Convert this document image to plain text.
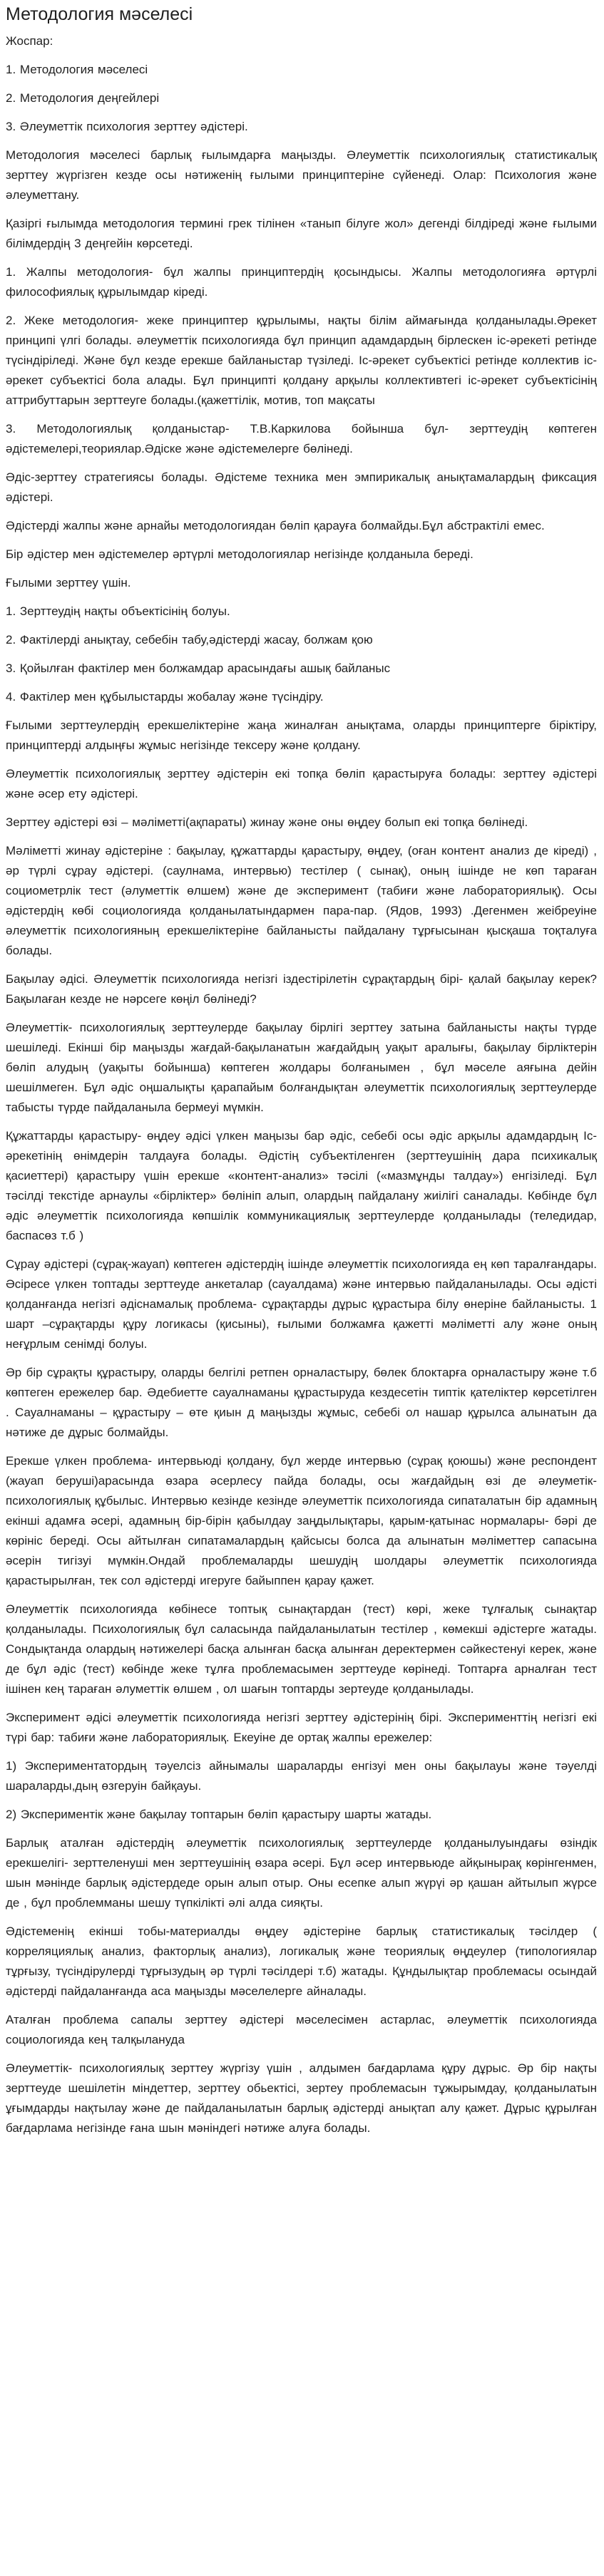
Методология мәселесі

Жоспар:

1. Методология мәселесі

2. Методология деңгейлері

3. Әлеуметтік психология зерттеу әдістері.

Методология мәселесі барлық ғылымдарға маңызды. Әлеуметтік психологиялық статистикалық зерттеу жүргізген кезде осы нәтиженің ғылыми принциптеріне сүйенеді. Олар: Психология және әлеуметтану.

Қазіргі ғылымда методология термині грек тілінен «танып білуге жол» дегенді білдіреді және ғылыми білімдердің 3 деңгейін көрсетеді.

1. Жалпы методология- бұл жалпы принциптердің қосындысы. Жалпы методологияға әртүрлі философиялық құрылымдар кіреді.

2. Жеке методология- жеке принциптер құрылымы, нақты білім аймағында қолданылады.Әрекет принципі үлгі болады. әлеуметтік психологияда бұл принцип адамдардың бірлескен іс-әрекеті ретінде түсіндіріледі. Және бұл кезде ерекше байланыстар түзіледі. Іс-әрекет субъектісі ретінде коллектив іс-әрекет субъектісі бола алады. Бұл принципті қолдану арқылы коллективтегі іс-әрекет субъектісінің аттрибуттарын зерттеуге болады.(қажеттілік, мотив, топ мақсаты

3. Методологиялық қолданыстар- Т.В.Каркилова бойынша бұл- зерттеудің көптеген әдістемелері,теориялар.Әдіске және әдістемелерге бөлінеді.

Әдіс-зерттеу стратегиясы болады. Әдістеме техника мен эмпирикалық анықтамалардың фиксация әдістері.

Әдістерді жалпы және арнайы методологиядан бөліп қарауға болмайды.Бұл абстрактілі емес.

Бір әдістер мен әдістемелер әртүрлі методологиялар негізінде қолданыла береді.

Ғылыми зерттеу үшін.

1. Зерттеудің нақты объектісінің болуы.

2. Фактілерді анықтау, себебін табу,әдістерді жасау, болжам қою

3. Қойылған фактілер мен болжамдар арасындағы ашық байланыс

4. Фактілер мен құбылыстарды жобалау және түсіндіру.

Ғылыми зерттеулердің ерекшеліктеріне жаңа жиналған анықтама, оларды принциптерге біріктіру, принциптерді алдыңғы жұмыс негізінде тексеру және қолдану.

Әлеуметтік психологиялық зерттеу әдістерін екі топқа бөліп қарастыруға болады: зерттеу әдістері және әсер ету әдістері.

Зерттеу әдістері өзі – мәліметті(ақпараты) жинау және оны өңдеу болып екі топқа бөлінеді.

Мәліметті жинау әдістеріне : бақылау, құжаттарды қарастыру, өңдеу, (оған контент анализ де кіреді) , әр түрлі сұрау әдістері. (саулнама, интервью) тестілер ( сынақ), оның ішінде не көп тараған социометрлік тест (әлуметтік өлшем) және де эксперимент (табиғи және лабораториялық). Осы әдістердің көбі социологияда қолданылатындармен пара-пар. (Ядов, 1993) .Дегенмен жеібреуіне әлеуметтік психологияның ерекшеліктеріне байланысты пайдалану тұрғысынан қысқаша тоқталуға болады.

Бақылау әдісі. Әлеуметтік психологияда негізгі іздестірілетін сұрақтардың бірі- қалай бақылау керек? Бақылаған кезде не нәрсеге көңіл бөлінеді?

Әлеуметтік- психологиялық зерттеулерде бақылау бірлігі зерттеу затына байланысты нақты түрде шешіледі. Екінші бір маңызды жағдай-бақыланатын жағдайдың уақыт аралығы, бақылау бірліктерін бөліп алудың (уақыты бойынша) көптеген жолдары болғанымен , бұл мәселе аяғына дейін шешілмеген. Бұл әдіс оңшалықты қарапайым болғандықтан әлеуметтік психологиялық зерттеулерде табысты түрде пайдаланыла бермеуі мүмкін.

Құжаттарды қарастыру- өңдеу әдісі үлкен маңызы бар әдіс, себебі осы әдіс арқылы адамдардың Іс-әрекетінің өнімдерін талдауға болады. Әдістің субъектіленген (зерттеушінің дара психикалық қасиеттері) қарастыру үшін ерекше «контент-анализ» тәсілі («мазмұнды талдау») енгізіледі. Бұл тәсілді текстіде арнаулы «бірліктер» бөлініп алып, олардың пайдалану жиілігі саналады. Көбінде бұл әдіс әлеуметтік психологияда көпшілік коммуникациялық зерттеулерде қолданылады (теледидар, баспасөз т.б )

Сұрау әдістері (сұрақ-жауап) көптеген әдістердің ішінде әлеуметтік психологияда ең көп таралғандары. Әсіресе үлкен топтады зерттеуде анкеталар (сауалдама) және интервью пайдаланылады. Осы әдісті қолданғанда негізгі әдіснамалық проблема- сұрақтарды дұрыс құрастыра білу өнеріне байланысты. 1 шарт –сұрақтарды құру логикасы (қисыны), ғылыми болжамға қажетті мәліметті алу және оның неғұрлым сенімді болуы.

Әр бір сұрақты құрастыру, оларды белгілі ретпен орналастыру, бөлек блоктарға орналастыру және т.б көптеген ережелер бар. Әдебиетте сауалнаманы құрастыруда кездесетін типтік қателіктер көрсетілген . Сауалнаманы – құрастыру – өте қиын д маңызды жұмыс, себебі ол нашар құрылса алынатын да нәтиже де дұрыс болмайды.

Ерекше үлкен проблема- интервьюді қолдану, бұл жерде интервью (сұрақ қоюшы) және респондент (жауап берушi)арасында өзара әсерлесу пайда болады, осы жағдайдың өзі де әлеуметік- психологиялық құбылыс. Интервью кезінде кезінде әлеуметтік психологияда сипаталатын бір адамның екінші адамға әсері, адамның бір-бірін қабылдау заңдылықтары, қарым-қатынас нормалары- бәрі де көрініс береді. Осы айтылған сипатамалардың қайсысы болса да алынатын мәліметтер сапасына әсерін тигізуі мүмкін.Ондай проблемаларды шешудің шолдары әлеуметтік психологияда қарастырылған, тек сол әдістерді игеруге байыппен қарау қажет.

Әлеуметтік психологияда көбінесе топтық сынақтардан (тест) көрі, жеке тұлғалық сынақтар қолданылады. Психологиялық бұл саласында пайдаланылатын тестілер , көмекші әдістерге жатады. Сондықтанда олардың нәтижелері басқа алынған басқа алынған деректермен сәйкестенуі керек, және де бұл әдіс (тест) көбінде жеке тұлға проблемасымен зерттеуде көрінеді. Топтарға арналған тест ішінен кең тараған әлуметтік өлшем , ол шағын топтарды зертеуде қолданылады.

Эксперимент әдісі әлеуметтік психологияда негізгі зерттеу әдістерінің бірі. Эксперименттің негізгі екі түрі бар: табиғи және лабораториялық. Екеуіне де ортақ жалпы ережелер:

1) Экспериментатордың тәуелсіз айнымалы шараларды енгізуі мен оны бақылауы және тәуелді шараларды,дың өзгеруін байқауы.

2) Экспериментік және бақылау топтарын бөліп қарастыру шарты жатады.

Барлық аталған әдістердің әлеуметтік психологиялық зерттеулерде қолданылуындағы өзіндік ерекшелігі- зерттеленуші мен зерттеушінің өзара әсері. Бұл әсер интервьюде айқынырақ көрінгенмен, шын мәнінде барлық әдістердеде орын алып отыр. Оны есепке алып жүрүі әр қашан айтылып жүрсе де , бұл проблемманы шешу түпкілікті әлі алда сияқты.

Әдістеменің екінші тобы-материалды өңдеу әдістеріне барлық статистикалық тәсілдер ( корреляциялық анализ, факторлық анализ), логикалық және теориялық өңдеулер (типологиялар тұрғызу, түсіндірулерді тұрғызудың әр түрлі тәсілдері т.б) жатады. Құндылықтар проблемасы осындай әдістерді пайдаланғанда аса маңызды мәселелерге айналады.

Аталған проблема сапалы зерттеу әдістері мәселесімен астарлас, әлеуметтік психологияда социологияда кең талқыланудa

Әлеуметтік- психологиялық зерттеу жүргізу үшін , алдымен бағдарлама құру дұрыс. Әр бір нақты зерттеуде шешілетін міндеттер, зерттеу обьектісі, зертеу проблемасын тұжырымдау, қолданылатын ұғымдарды нақтылау және де пайдаланылатын барлық әдістерді анықтап алу қажет. Дұрыс құрылған бағдарлама негізінде ғана шын мәніндегі нәтиже алуға болады.
